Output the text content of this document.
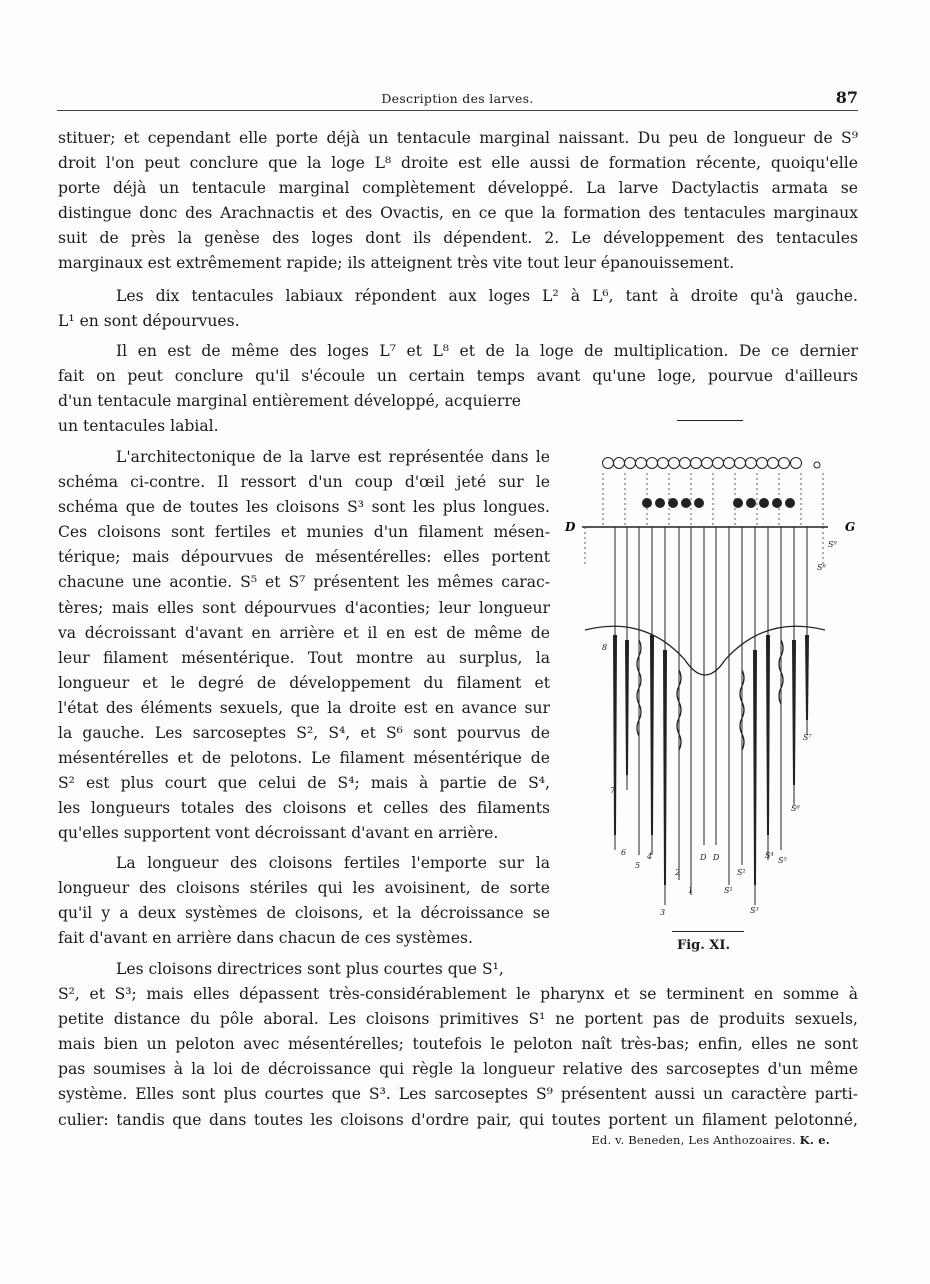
Description des larves.	87
stituer; et cependant elle porte déjà un tentacule marginal naissant. Du peu de longueur de S⁹
droit l'on peut conclure que la loge L⁸ droite est elle aussi de formation récente, quoiqu'elle
porte déjà un tentacule marginal complètement développé. La larve Dactylactis armata se
distingue donc des Arachnactis et des Ovactis, en ce que la formation des tentacules marginaux
suit de près la genèse des loges dont ils dépendent. 2. Le développement des tentacules
marginaux est extrêmement rapide; ils atteignent très vite tout leur épanouissement.
Les dix tentacules labiaux répondent aux loges L² à L⁶, tant à droite qu'à gauche.
L¹ en sont dépourvues.
Il en est de même des loges L⁷ et L⁸ et de la loge de multiplication. De ce dernier
fait on peut conclure qu'il s'écoule un certain temps avant qu'une loge, pourvue d'ailleurs
d'un tentacule marginal entièrement développé, acquierre
un tentacules labial.
L'architectonique de la larve est représentée dans le
schéma ci-contre. Il ressort d'un coup d'œil jeté sur le
schéma que de toutes les cloisons S³ sont les plus longues.
Ces cloisons sont fertiles et munies d'un filament mésen-
térique; mais dépourvues de mésentérelles: elles portent
chacune une acontie. S⁵ et S⁷ présentent les mêmes carac-
tères; mais elles sont dépourvues d'aconties; leur longueur
va décroissant d'avant en arrière et il en est de même de
leur filament mésentérique. Tout montre au surplus, la
longueur et le degré de développement du filament et
l'état des éléments sexuels, que la droite est en avance sur
la gauche. Les sarcoseptes S², S⁴, et S⁶ sont pourvus de
mésentérelles et de pelotons. Le filament mésentérique de
S² est plus court que celui de S⁴; mais à partie de S⁴,
les longueurs totales des cloisons et celles des filaments
qu'elles supportent vont décroissant d'avant en arrière.
La longueur des cloisons fertiles l'emporte sur la
longueur des cloisons stériles qui les avoisinent, de sorte
qu'il y a deux systèmes de cloisons, et la décroissance se
fait d'avant en arrière dans chacun de ces systèmes.
D	G
8
7
6
5
4
3
2
1
D D
S¹
S²
S³
S⁴
S⁵
S⁶
S⁷
S⁸
S⁹
Fig. XI.
Les cloisons directrices sont plus courtes que S¹,
S², et S³; mais elles dépassent très-considérablement le pharynx et se terminent en somme à
petite distance du pôle aboral. Les cloisons primitives S¹ ne portent pas de produits sexuels,
mais bien un peloton avec mésentérelles; toutefois le peloton naît très-bas; enfin, elles ne sont
pas soumises à la loi de décroissance qui règle la longueur relative des sarcoseptes d'un même
système. Elles sont plus courtes que S³. Les sarcoseptes S⁹ présentent aussi un caractère parti-
culier: tandis que dans toutes les cloisons d'ordre pair, qui toutes portent un filament pelotonné,
Ed. v. Beneden, Les Anthozoaires. K. e.
